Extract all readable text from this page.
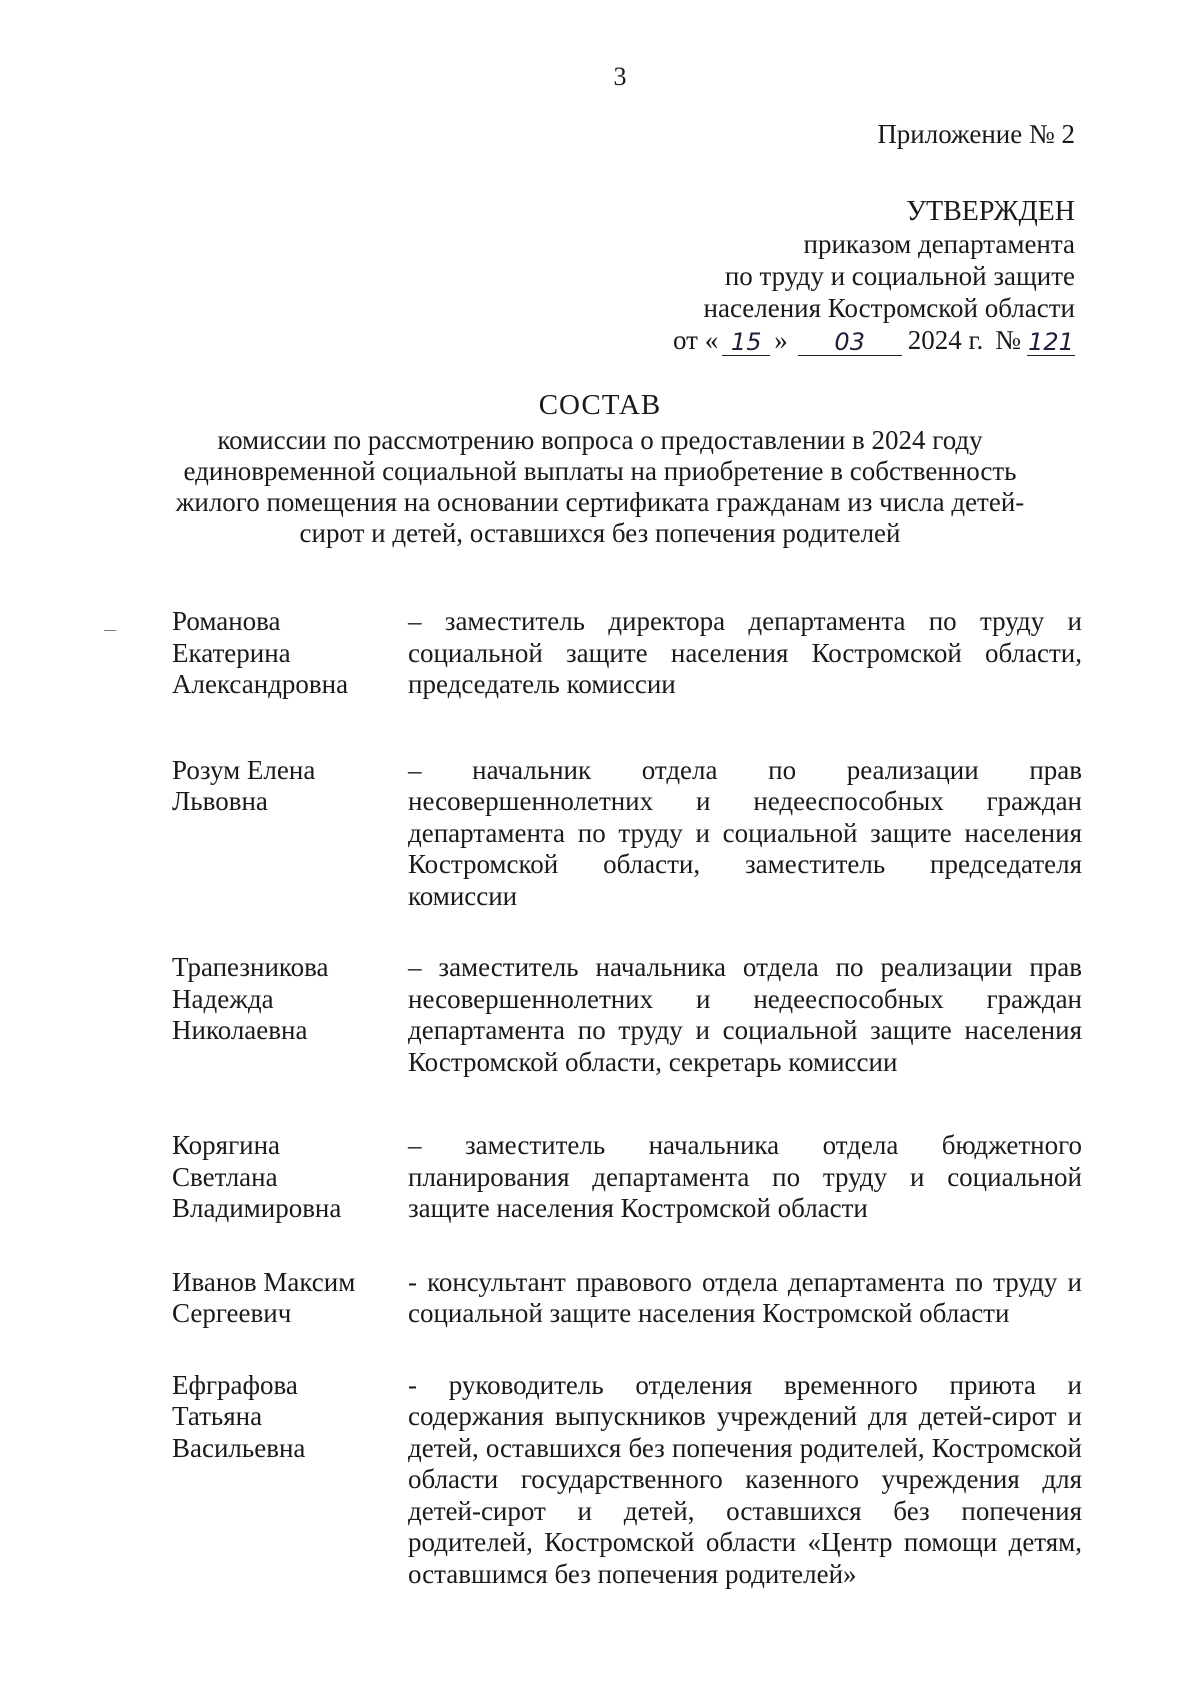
3
Приложение № 2
УТВЕРЖДЕН
приказом департамента
по труду и социальной защите
населения Костромской области
от « 15 »	03	2024 г. № 121
СОСТАВ
комиссии по рассмотрению вопроса о предоставлении в 2024 году единовременной социальной выплаты на приобретение в собственность жилого помещения на основании сертификата гражданам из числа детей-сирот и детей, оставшихся без попечения родителей
Романова
Екатерина
Александровна
– заместитель директора департамента по труду и социальной защите населения Костромской области, председатель комиссии
Розум Елена
Львовна
– начальник отдела по реализации прав несовершеннолетних и недееспособных граждан департамента по труду и социальной защите населения Костромской области, заместитель председателя комиссии
Трапезникова
Надежда
Николаевна
– заместитель начальника отдела по реализации прав несовершеннолетних и недееспособных граждан департамента по труду и социальной защите населения Костромской области, секретарь комиссии
Корягина
Светлана
Владимировна
– заместитель начальника отдела бюджетного планирования департамента по труду и социальной защите населения Костромской области
Иванов Максим
Сергеевич
- консультант правового отдела департамента по труду и социальной защите населения Костромской области
Ефграфова
Татьяна
Васильевна
- руководитель отделения временного приюта и содержания выпускников учреждений для детей-сирот и детей, оставшихся без попечения родителей, Костромской области государственного казенного учреждения для детей-сирот и детей, оставшихся без попечения родителей, Костромской области «Центр помощи детям, оставшимся без попечения родителей»
